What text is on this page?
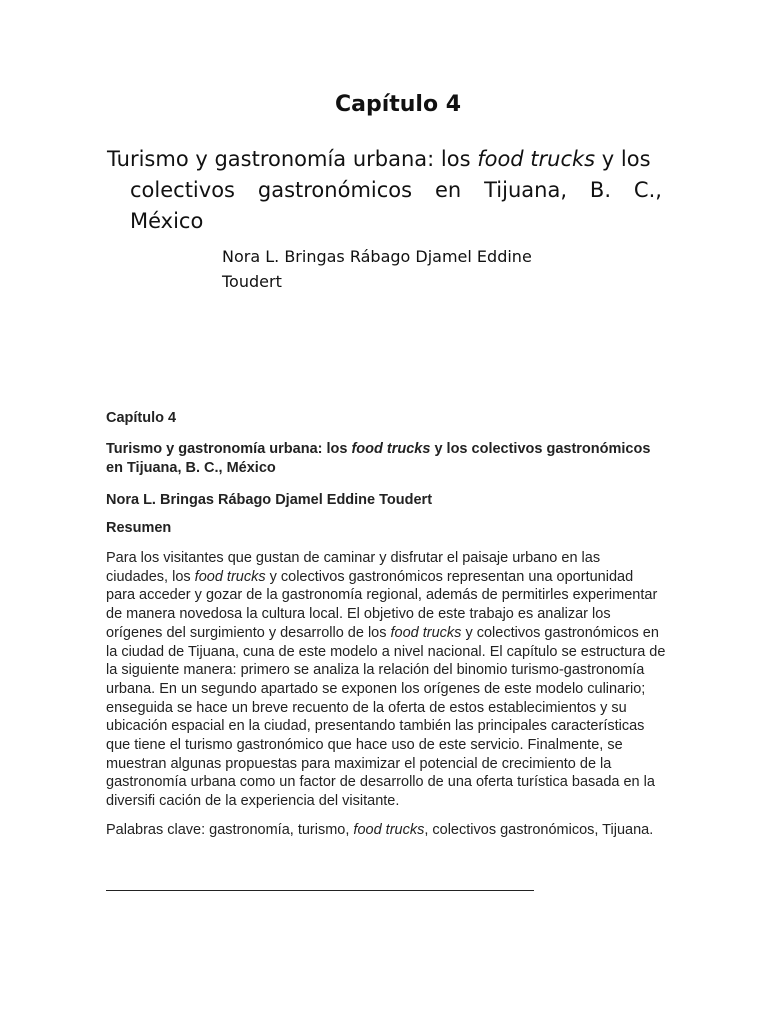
Capítulo 4
Turismo y gastronomía urbana: los food trucks y los
colectivos gastronómicos en Tijuana, B. C.,
México
Nora L. Bringas Rábago Djamel Eddine
Toudert

Capítulo 4

Turismo y gastronomía urbana: los food trucks y los colectivos gastronómicos en Tijuana, B. C., México

Nora L. Bringas Rábago Djamel Eddine Toudert

Resumen

Para los visitantes que gustan de caminar y disfrutar el paisaje urbano en las ciudades, los food trucks y colectivos gastronómicos representan una oportunidad para acceder y gozar de la gastronomía regional, además de permitirles experimentar de manera novedosa la cultura local. El objetivo de este trabajo es analizar los orígenes del surgimiento y desarrollo de los food trucks y colectivos gastronómicos en la ciudad de Tijuana, cuna de este modelo a nivel nacional. El capítulo se estructura de la siguiente manera: primero se analiza la relación del binomio turismo-gastronomía urbana. En un segundo apartado se exponen los orígenes de este modelo culinario; enseguida se hace un breve recuento de la oferta de estos establecimientos y su ubicación espacial en la ciudad, presentando también las principales características que tiene el turismo gastronómico que hace uso de este servicio. Finalmente, se muestran algunas propuestas para maximizar el potencial de crecimiento de la gastronomía urbana como un factor de desarrollo de una oferta turística basada en la diversifi cación de la experiencia del visitante.

Palabras clave: gastronomía, turismo, food trucks, colectivos gastronómicos, Tijuana.
